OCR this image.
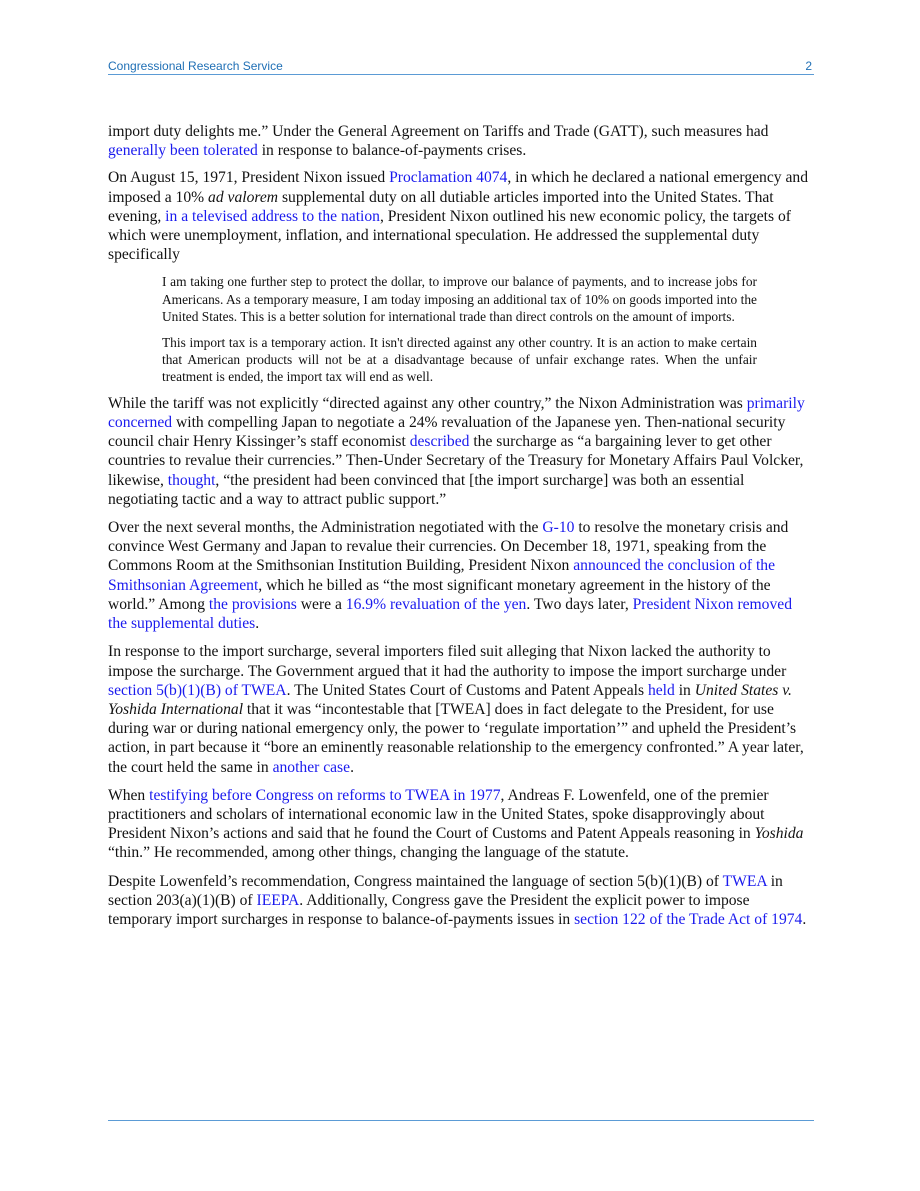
Congressional Research Service	2

import duty delights me.” Under the General Agreement on Tariffs and Trade (GATT), such measures had generally been tolerated in response to balance-of-payments crises.

On August 15, 1971, President Nixon issued Proclamation 4074, in which he declared a national emergency and imposed a 10% ad valorem supplemental duty on all dutiable articles imported into the United States. That evening, in a televised address to the nation, President Nixon outlined his new economic policy, the targets of which were unemployment, inflation, and international speculation. He addressed the supplemental duty specifically

I am taking one further step to protect the dollar, to improve our balance of payments, and to increase jobs for Americans. As a temporary measure, I am today imposing an additional tax of 10% on goods imported into the United States. This is a better solution for international trade than direct controls on the amount of imports.
This import tax is a temporary action. It isn't directed against any other country. It is an action to make certain that American products will not be at a disadvantage because of unfair exchange rates. When the unfair treatment is ended, the import tax will end as well.

While the tariff was not explicitly “directed against any other country,” the Nixon Administration was primarily concerned with compelling Japan to negotiate a 24% revaluation of the Japanese yen. Then-national security council chair Henry Kissinger’s staff economist described the surcharge as “a bargaining lever to get other countries to revalue their currencies.” Then-Under Secretary of the Treasury for Monetary Affairs Paul Volcker, likewise, thought, “the president had been convinced that [the import surcharge] was both an essential negotiating tactic and a way to attract public support.”

Over the next several months, the Administration negotiated with the G-10 to resolve the monetary crisis and convince West Germany and Japan to revalue their currencies. On December 18, 1971, speaking from the Commons Room at the Smithsonian Institution Building, President Nixon announced the conclusion of the Smithsonian Agreement, which he billed as “the most significant monetary agreement in the history of the world.” Among the provisions were a 16.9% revaluation of the yen. Two days later, President Nixon removed the supplemental duties.

In response to the import surcharge, several importers filed suit alleging that Nixon lacked the authority to impose the surcharge. The Government argued that it had the authority to impose the import surcharge under section 5(b)(1)(B) of TWEA. The United States Court of Customs and Patent Appeals held in United States v. Yoshida International that it was “incontestable that [TWEA] does in fact delegate to the President, for use during war or during national emergency only, the power to ‘regulate importation’” and upheld the President’s action, in part because it “bore an eminently reasonable relationship to the emergency confronted.” A year later, the court held the same in another case.

When testifying before Congress on reforms to TWEA in 1977, Andreas F. Lowenfeld, one of the premier practitioners and scholars of international economic law in the United States, spoke disapprovingly about President Nixon’s actions and said that he found the Court of Customs and Patent Appeals reasoning in Yoshida “thin.” He recommended, among other things, changing the language of the statute.

Despite Lowenfeld’s recommendation, Congress maintained the language of section 5(b)(1)(B) of TWEA in section 203(a)(1)(B) of IEEPA. Additionally, Congress gave the President the explicit power to impose temporary import surcharges in response to balance-of-payments issues in section 122 of the Trade Act of 1974.
